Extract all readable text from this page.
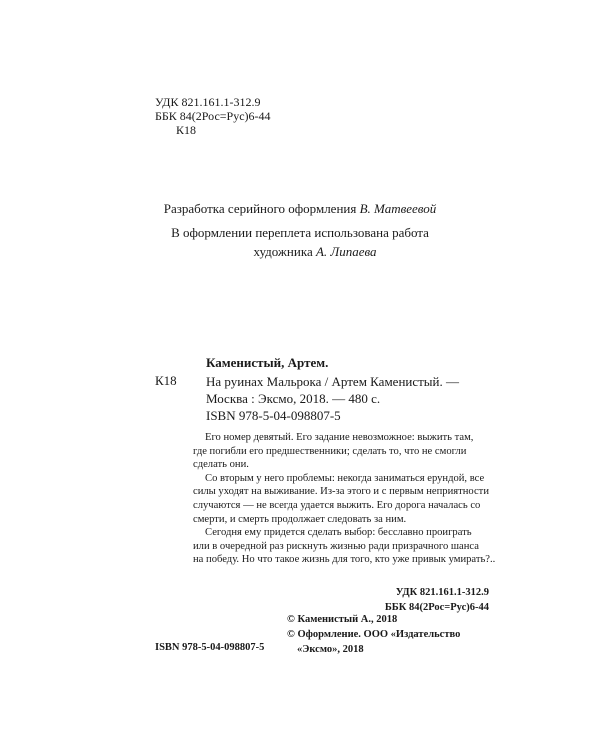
УДК 821.161.1-312.9
ББК 84(2Рос=Рус)6-44
К18
Разработка серийного оформления В. Матвеевой
В оформлении переплета использована работа
художника А. Липаева
Каменистый, Артем.
К18 На руинах Мальрока / Артем Каменистый. —
Москва : Эксмо, 2018. — 480 с.
ISBN 978-5-04-098807-5

Его номер девятый. Его задание невозможное: выжить там,

где погибли его предшественники; сделать то, что не смогли

сделать они.

Со вторым у него проблемы: некогда заниматься ерундой, все

силы уходят на выживание. Из-за этого и с первым неприятности

случаются — не всегда удается выжить. Его дорога началась со

смерти, и смерть продолжает следовать за ним.

Сегодня ему придется сделать выбор: бесславно проиграть

или в очередной раз рискнуть жизнью ради призрачного шанса

на победу. Но что такое жизнь для того, кто уже привык умирать?..

УДК 821.161.1-312.9
ББК 84(2Рос=Рус)6-44
© Каменистый А., 2018
© Оформление. ООО «Издательство
«Эксмо», 2018
ISBN 978-5-04-098807-5
